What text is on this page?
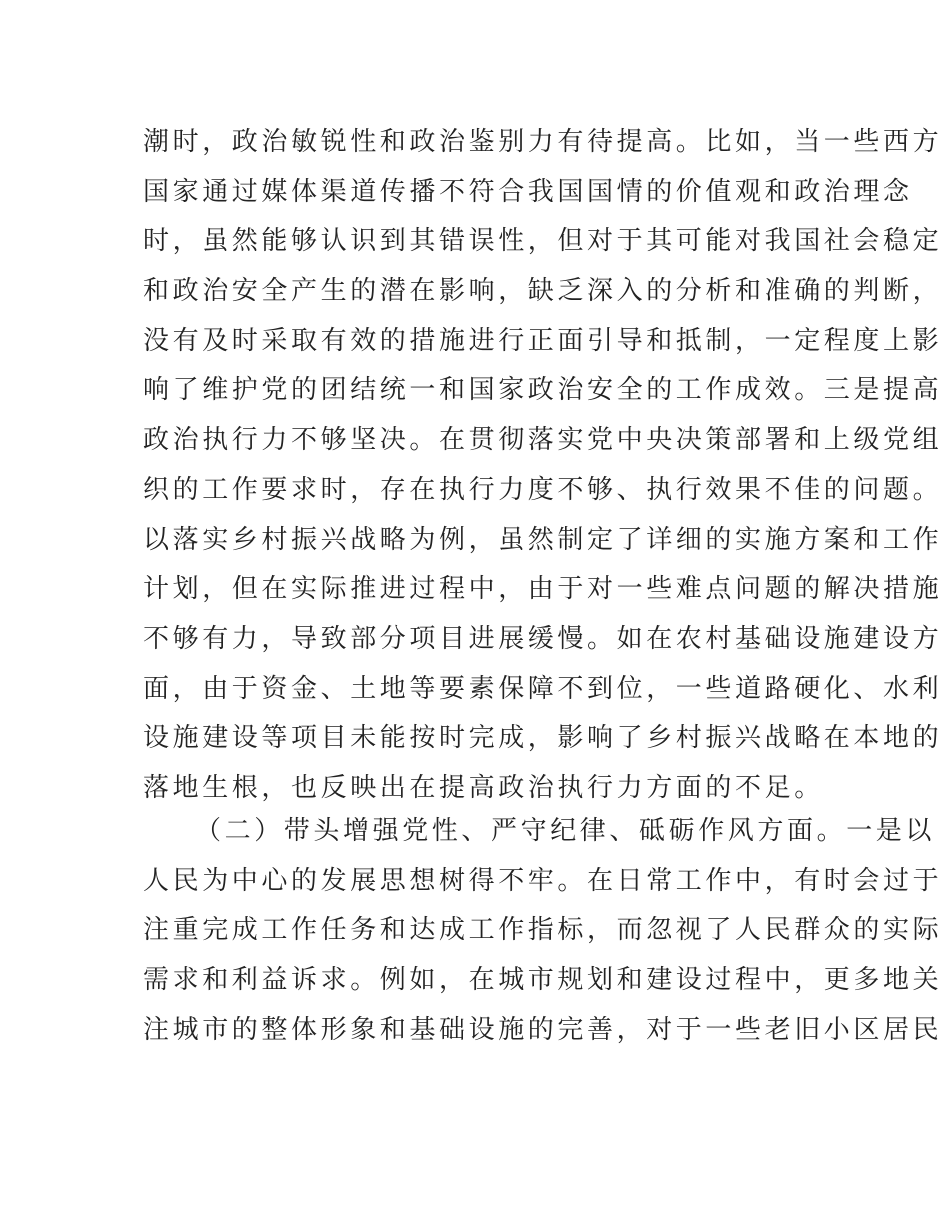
潮时，政治敏锐性和政治鉴别力有待提高。比如，当一些西方
国家通过媒体渠道传播不符合我国国情的价值观和政治理念
时，虽然能够认识到其错误性，但对于其可能对我国社会稳定
和政治安全产生的潜在影响，缺乏深入的分析和准确的判断，
没有及时采取有效的措施进行正面引导和抵制，一定程度上影
响了维护党的团结统一和国家政治安全的工作成效。三是提高
政治执行力不够坚决。在贯彻落实党中央决策部署和上级党组
织的工作要求时，存在执行力度不够、执行效果不佳的问题。
以落实乡村振兴战略为例，虽然制定了详细的实施方案和工作
计划，但在实际推进过程中，由于对一些难点问题的解决措施
不够有力，导致部分项目进展缓慢。如在农村基础设施建设方
面，由于资金、土地等要素保障不到位，一些道路硬化、水利
设施建设等项目未能按时完成，影响了乡村振兴战略在本地的
落地生根，也反映出在提高政治执行力方面的不足。
（二）带头增强党性、严守纪律、砥砺作风方面。一是以
人民为中心的发展思想树得不牢。在日常工作中，有时会过于
注重完成工作任务和达成工作指标，而忽视了人民群众的实际
需求和利益诉求。例如，在城市规划和建设过程中，更多地关
注城市的整体形象和基础设施的完善，对于一些老旧小区居民
